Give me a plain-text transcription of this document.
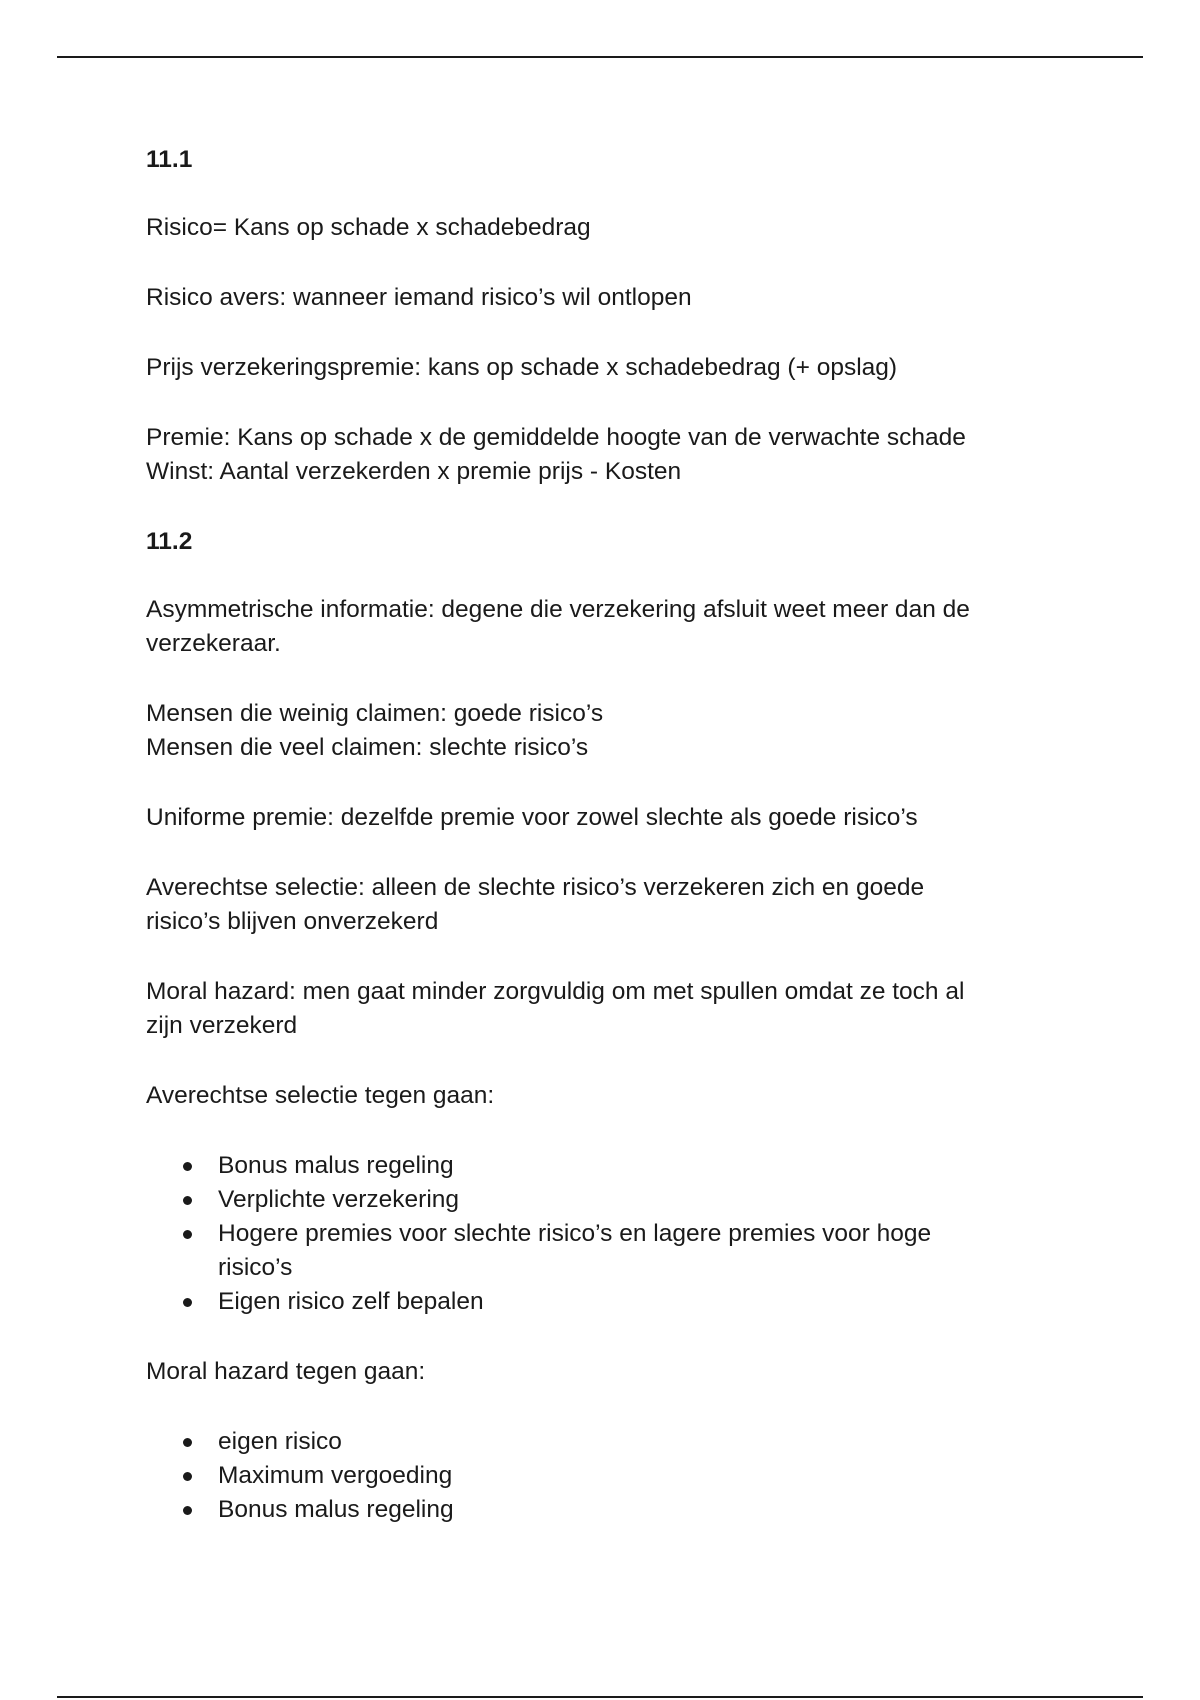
11.1

Risico= Kans op schade x schadebedrag

Risico avers: wanneer iemand risico’s wil ontlopen

Prijs verzekeringspremie: kans op schade x schadebedrag (+ opslag)

Premie: Kans op schade x de gemiddelde hoogte van de verwachte schade

Winst: Aantal verzekerden x premie prijs - Kosten

11.2

Asymmetrische informatie: degene die verzekering afsluit weet meer dan de

verzekeraar.

Mensen die weinig claimen: goede risico’s

Mensen die veel claimen: slechte risico’s

Uniforme premie: dezelfde premie voor zowel slechte als goede risico’s

Averechtse selectie: alleen de slechte risico’s verzekeren zich en goede

risico’s blijven onverzekerd

Moral hazard: men gaat minder zorgvuldig om met spullen omdat ze toch al

zijn verzekerd

Averechtse selectie tegen gaan:

Bonus malus regeling
Verplichte verzekering
Hogere premies voor slechte risico’s en lagere premies voor hoge
risico’s
Eigen risico zelf bepalen

Moral hazard tegen gaan:

eigen risico
Maximum vergoeding
Bonus malus regeling
